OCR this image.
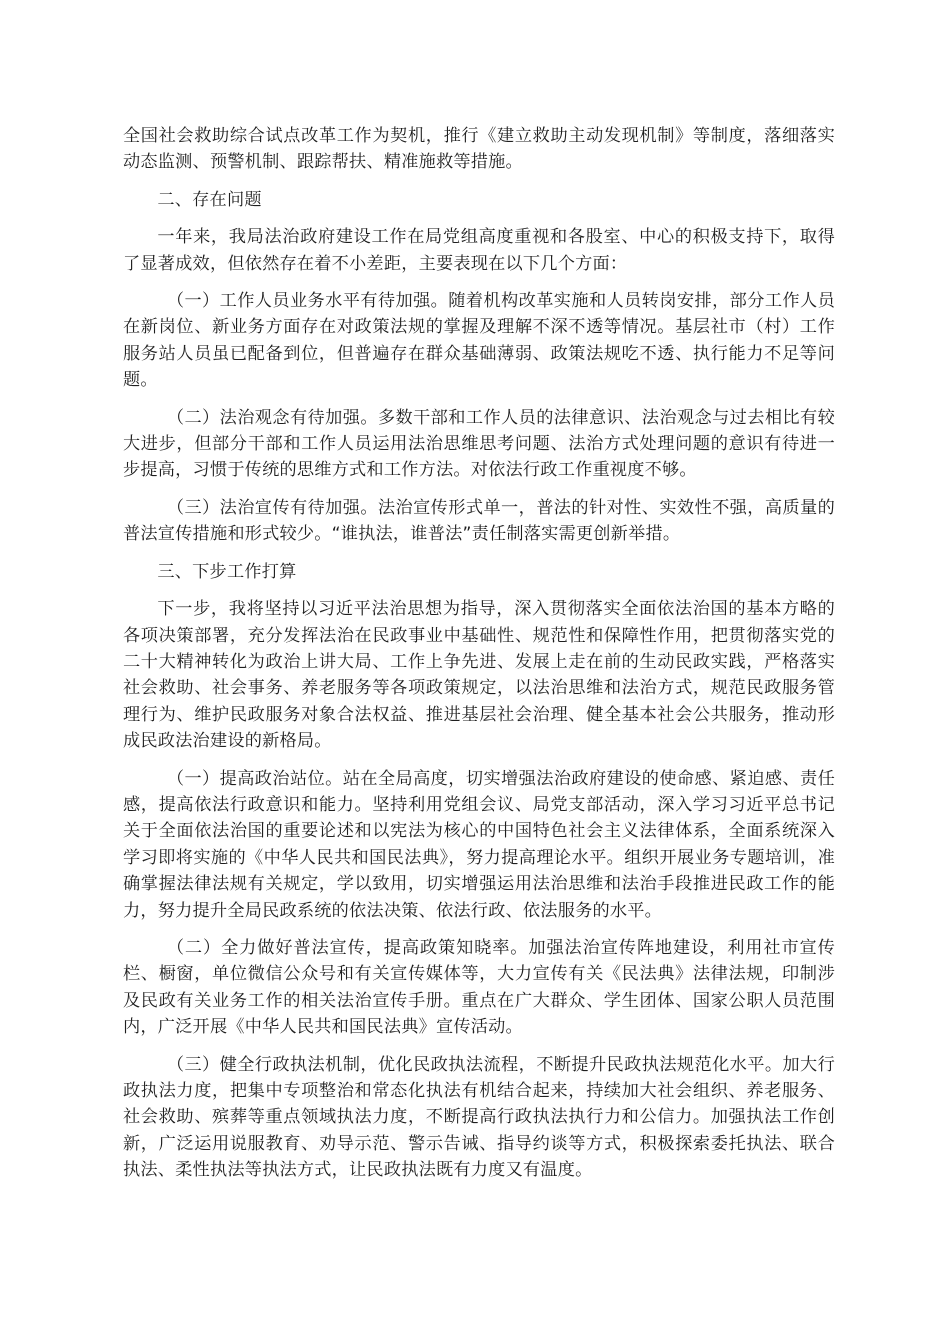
全国社会救助综合试点改革工作为契机，推行《建立救助主动发现机制》等制度，落细落实动态监测、预警机制、跟踪帮扶、精准施救等措施。

二、存在问题

一年来，我局法治政府建设工作在局党组高度重视和各股室、中心的积极支持下，取得了显著成效，但依然存在着不小差距，主要表现在以下几个方面：

（一）工作人员业务水平有待加强。随着机构改革实施和人员转岗安排，部分工作人员在新岗位、新业务方面存在对政策法规的掌握及理解不深不透等情况。基层社市（村）工作服务站人员虽已配备到位，但普遍存在群众基础薄弱、政策法规吃不透、执行能力不足等问题。

（二）法治观念有待加强。多数干部和工作人员的法律意识、法治观念与过去相比有较大进步，但部分干部和工作人员运用法治思维思考问题、法治方式处理问题的意识有待进一步提高，习惯于传统的思维方式和工作方法。对依法行政工作重视度不够。

（三）法治宣传有待加强。法治宣传形式单一，普法的针对性、实效性不强，高质量的普法宣传措施和形式较少。“谁执法，谁普法”责任制落实需更创新举措。

三、下步工作打算

下一步，我将坚持以习近平法治思想为指导，深入贯彻落实全面依法治国的基本方略的各项决策部署，充分发挥法治在民政事业中基础性、规范性和保障性作用，把贯彻落实党的二十大精神转化为政治上讲大局、工作上争先进、发展上走在前的生动民政实践，严格落实社会救助、社会事务、养老服务等各项政策规定，以法治思维和法治方式，规范民政服务管理行为、维护民政服务对象合法权益、推进基层社会治理、健全基本社会公共服务，推动形成民政法治建设的新格局。

（一）提高政治站位。站在全局高度，切实增强法治政府建设的使命感、紧迫感、责任感，提高依法行政意识和能力。坚持利用党组会议、局党支部活动，深入学习习近平总书记关于全面依法治国的重要论述和以宪法为核心的中国特色社会主义法律体系，全面系统深入学习即将实施的《中华人民共和国民法典》，努力提高理论水平。组织开展业务专题培训，准确掌握法律法规有关规定，学以致用，切实增强运用法治思维和法治手段推进民政工作的能力，努力提升全局民政系统的依法决策、依法行政、依法服务的水平。

（二）全力做好普法宣传，提高政策知晓率。加强法治宣传阵地建设，利用社市宣传栏、橱窗，单位微信公众号和有关宣传媒体等，大力宣传有关《民法典》法律法规，印制涉及民政有关业务工作的相关法治宣传手册。重点在广大群众、学生团体、国家公职人员范围内，广泛开展《中华人民共和国民法典》宣传活动。

（三）健全行政执法机制，优化民政执法流程，不断提升民政执法规范化水平。加大行政执法力度，把集中专项整治和常态化执法有机结合起来，持续加大社会组织、养老服务、社会救助、殡葬等重点领域执法力度，不断提高行政执法执行力和公信力。加强执法工作创新，广泛运用说服教育、劝导示范、警示告诫、指导约谈等方式，积极探索委托执法、联合执法、柔性执法等执法方式，让民政执法既有力度又有温度。
